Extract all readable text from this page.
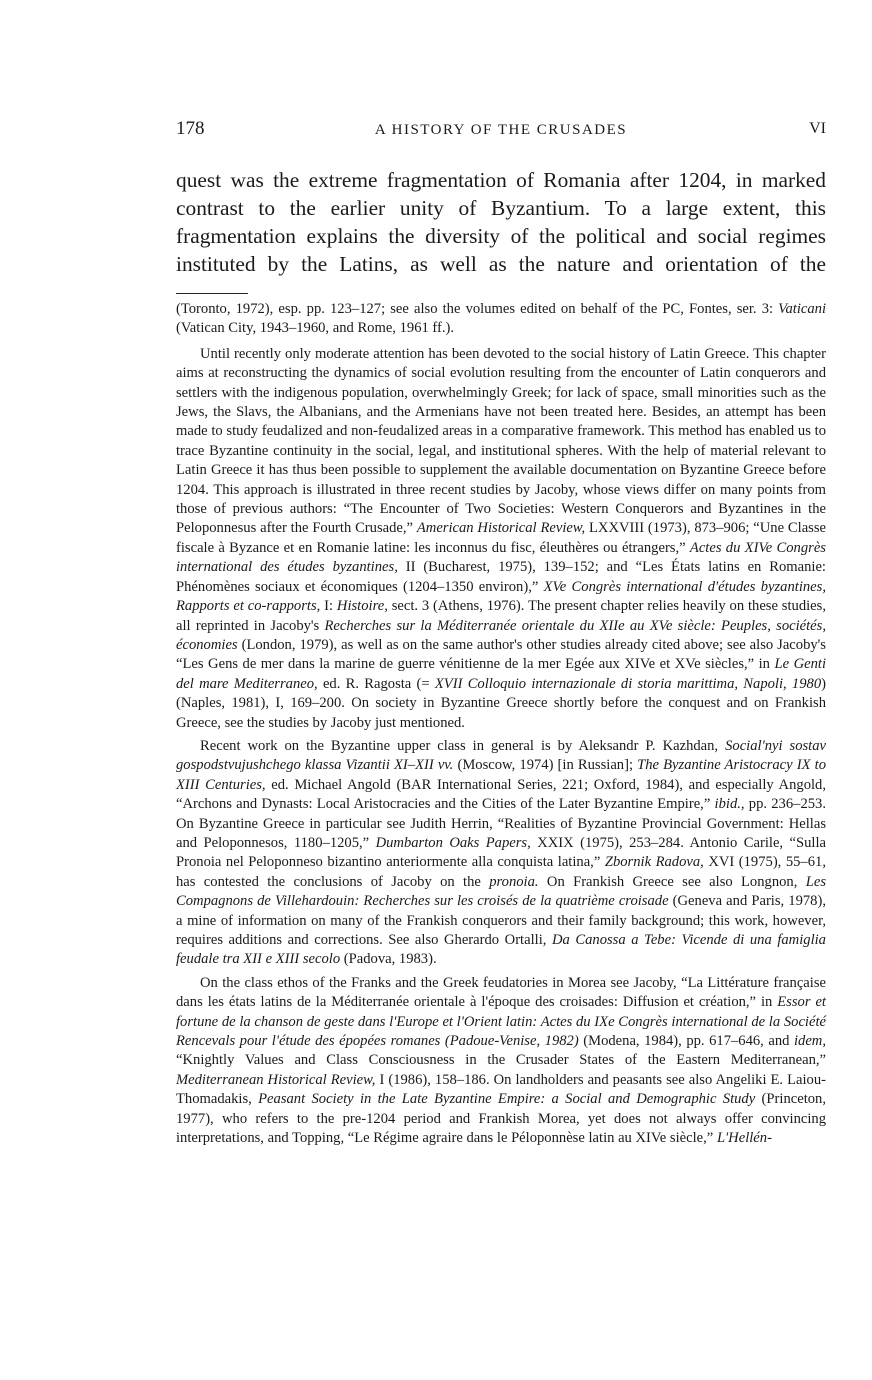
178	A HISTORY OF THE CRUSADES	VI
quest was the extreme fragmentation of Romania after 1204, in marked
contrast to the earlier unity of Byzantium. To a large extent, this
fragmentation explains the diversity of the political and social regimes
instituted by the Latins, as well as the nature and orientation of the

(Toronto, 1972), esp. pp. 123–127; see also the volumes edited on behalf of the PC, Fontes, ser. 3: Vaticani (Vatican City, 1943–1960, and Rome, 1961 ff.).

Until recently only moderate attention has been devoted to the social history of Latin Greece. This chapter aims at reconstructing the dynamics of social evolution resulting from the encounter of Latin conquerors and settlers with the indigenous population, overwhelmingly Greek; for lack of space, small minorities such as the Jews, the Slavs, the Albanians, and the Armenians have not been treated here. Besides, an attempt has been made to study feudalized and non-feudalized areas in a comparative framework. This method has enabled us to trace Byzantine continuity in the social, legal, and institutional spheres. With the help of material relevant to Latin Greece it has thus been possible to supplement the available documentation on Byzantine Greece before 1204. This approach is illustrated in three recent studies by Jacoby, whose views differ on many points from those of previous authors: “The Encounter of Two Societies: Western Conquerors and Byzantines in the Peloponnesus after the Fourth Crusade,” American Historical Review, LXXVIII (1973), 873–906; “Une Classe fiscale à Byzance et en Romanie latine: les inconnus du fisc, éleuthères ou étrangers,” Actes du XIVe Congrès international des études byzantines, II (Bucharest, 1975), 139–152; and “Les États latins en Romanie: Phénomènes sociaux et économiques (1204–1350 environ),” XVe Congrès international d'études byzantines, Rapports et co-rapports, I: Histoire, sect. 3 (Athens, 1976). The present chapter relies heavily on these studies, all reprinted in Jacoby's Recherches sur la Méditerranée orientale du XIIe au XVe siècle: Peuples, sociétés, économies (London, 1979), as well as on the same author's other studies already cited above; see also Jacoby's “Les Gens de mer dans la marine de guerre vénitienne de la mer Egée aux XIVe et XVe siècles,” in Le Genti del mare Mediterraneo, ed. R. Ragosta (= XVII Colloquio internazionale di storia marittima, Napoli, 1980) (Naples, 1981), I, 169–200. On society in Byzantine Greece shortly before the conquest and on Frankish Greece, see the studies by Jacoby just mentioned.

Recent work on the Byzantine upper class in general is by Aleksandr P. Kazhdan, Social'nyi sostav gospodstvujushchego klassa Vizantii XI–XII vv. (Moscow, 1974) [in Russian]; The Byzantine Aristocracy IX to XIII Centuries, ed. Michael Angold (BAR International Series, 221; Oxford, 1984), and especially Angold, “Archons and Dynasts: Local Aristocracies and the Cities of the Later Byzantine Empire,” ibid., pp. 236–253. On Byzantine Greece in particular see Judith Herrin, “Realities of Byzantine Provincial Government: Hellas and Peloponnesos, 1180–1205,” Dumbarton Oaks Papers, XXIX (1975), 253–284. Antonio Carile, “Sulla Pronoia nel Peloponneso bizantino anteriormente alla conquista latina,” Zbornik Radova, XVI (1975), 55–61, has contested the conclusions of Jacoby on the pronoia. On Frankish Greece see also Longnon, Les Compagnons de Villehardouin: Recherches sur les croisés de la quatrième croisade (Geneva and Paris, 1978), a mine of information on many of the Frankish conquerors and their family background; this work, however, requires additions and corrections. See also Gherardo Ortalli, Da Canossa a Tebe: Vicende di una famiglia feudale tra XII e XIII secolo (Padova, 1983).

On the class ethos of the Franks and the Greek feudatories in Morea see Jacoby, “La Littérature française dans les états latins de la Méditerranée orientale à l'époque des croisades: Diffusion et création,” in Essor et fortune de la chanson de geste dans l'Europe et l'Orient latin: Actes du IXe Congrès international de la Société Rencevals pour l'étude des épopées romanes (Padoue-Venise, 1982) (Modena, 1984), pp. 617–646, and idem, “Knightly Values and Class Consciousness in the Crusader States of the Eastern Mediterranean,” Mediterranean Historical Review, I (1986), 158–186. On landholders and peasants see also Angeliki E. Laiou-Thomadakis, Peasant Society in the Late Byzantine Empire: a Social and Demographic Study (Princeton, 1977), who refers to the pre-1204 period and Frankish Morea, yet does not always offer convincing interpretations, and Topping, “Le Régime agraire dans le Péloponnèse latin au XIVe siècle,” L'Hellén-
